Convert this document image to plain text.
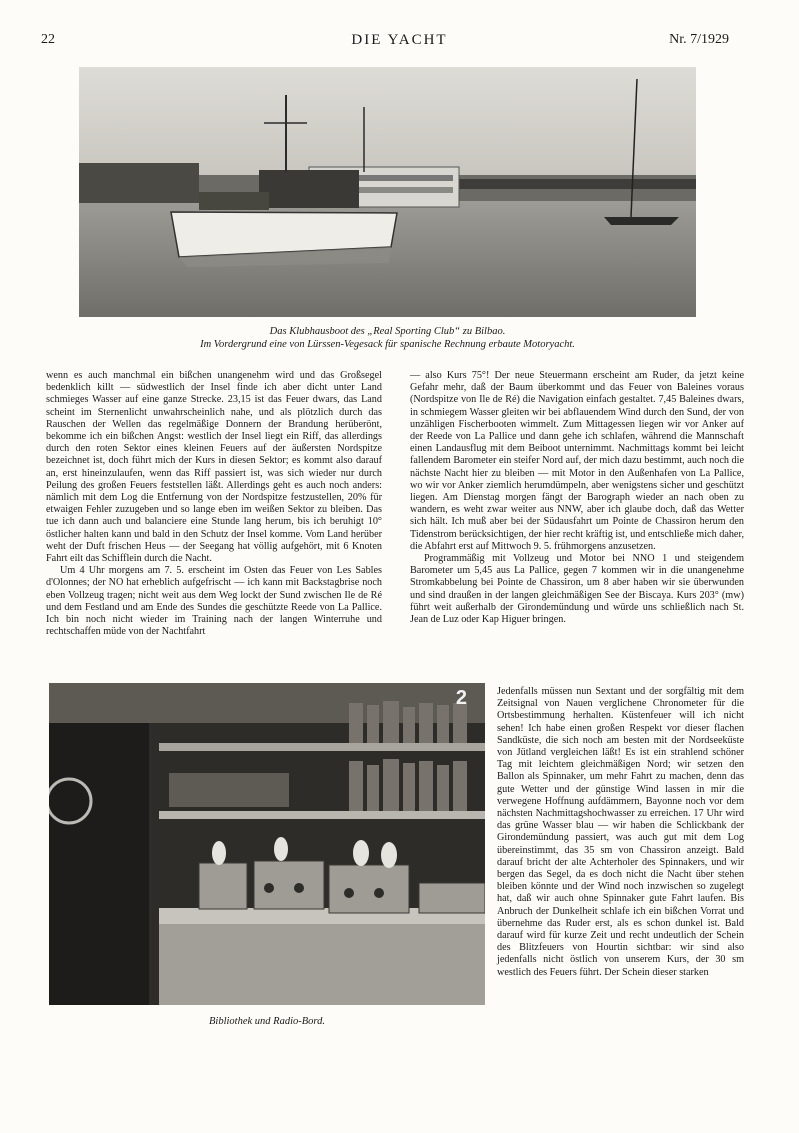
22	DIE YACHT	Nr. 7/1929
Das Klubhausboot des „Real Sporting Club“ zu Bilbao.
Im Vordergrund eine von Lürssen-Vegesack für spanische Rechnung erbaute Motoryacht.

wenn es auch manchmal ein bißchen unangenehm wird und das Großsegel bedenklich killt — südwestlich der Insel finde ich aber dicht unter Land schmieges Wasser auf eine ganze Strecke. 23,15 ist das Feuer dwars, das Land scheint im Sternenlicht unwahrscheinlich nahe, und als plötzlich durch das Rauschen der Wellen das regelmäßige Donnern der Brandung herüberönt, bekomme ich ein bißchen Angst: westlich der Insel liegt ein Riff, das allerdings durch den roten Sektor eines kleinen Feuers auf der äußersten Nordspitze bezeichnet ist, doch führt mich der Kurs in diesen Sektor; es kommt also darauf an, erst hineinzulaufen, wenn das Riff passiert ist, was sich wieder nur durch Peilung des großen Feuers feststellen läßt. Allerdings geht es auch noch anders: nämlich mit dem Log die Entfernung von der Nordspitze festzustellen, 20% für etwaigen Fehler zuzugeben und so lange eben im weißen Sektor zu bleiben. Das tue ich dann auch und balanciere eine Stunde lang herum, bis ich beruhigt 10° östlicher halten kann und bald in den Schutz der Insel komme. Vom Land herüber weht der Duft frischen Heus — der Seegang hat völlig aufgehört, mit 6 Knoten Fahrt eilt das Schifflein durch die Nacht.

Um 4 Uhr morgens am 7. 5. erscheint im Osten das Feuer von Les Sables d'Olonnes; der NO hat erheblich aufgefrischt — ich kann mit Backstagbrise noch eben Vollzeug tragen; nicht weit aus dem Weg lockt der Sund zwischen Ile de Ré und dem Festland und am Ende des Sundes die geschützte Reede von La Pallice. Ich bin noch nicht wieder im Training nach der langen Winterruhe und rechtschaffen müde von der Nachtfahrt

— also Kurs 75°! Der neue Steuermann erscheint am Ruder, da jetzt keine Gefahr mehr, daß der Baum überkommt und das Feuer von Baleines voraus (Nordspitze von Ile de Ré) die Navigation einfach gestaltet. 7,45 Baleines dwars, in schmiegem Wasser gleiten wir bei abflauendem Wind durch den Sund, der von unzähligen Fischerbooten wimmelt. Zum Mittagessen liegen wir vor Anker auf der Reede von La Pallice und dann gehe ich schlafen, während die Mannschaft einen Landausflug mit dem Beiboot unternimmt. Nachmittags kommt bei leicht fallendem Barometer ein steifer Nord auf, der mich dazu bestimmt, auch noch die nächste Nacht hier zu bleiben — mit Motor in den Außenhafen von La Pallice, wo wir vor Anker ziemlich herumdümpeln, aber wenigstens sicher und geschützt liegen. Am Dienstag morgen fängt der Barograph wieder an nach oben zu wandern, es weht zwar weiter aus NNW, aber ich glaube doch, daß das Wetter sich hält. Ich muß aber bei der Südausfahrt um Pointe de Chassiron herum den Tidenstrom berücksichtigen, der hier recht kräftig ist, und entschließe mich daher, die Abfahrt erst auf Mittwoch 9. 5. frühmorgens anzusetzen.

Programmäßig mit Vollzeug und Motor bei NNO 1 und steigendem Barometer um 5,45 aus La Pallice, gegen 7 kommen wir in die unangenehme Stromkabbelung bei Pointe de Chassiron, um 8 aber haben wir sie überwunden und sind draußen in der langen gleichmäßigen See der Biscaya. Kurs 203° (mw) führt weit außerhalb der Girondemündung und würde uns schließlich nach St. Jean de Luz oder Kap Higuer bringen.

2
Bibliothek und Radio-Bord.

Jedenfalls müssen nun Sextant und der sorgfältig mit dem Zeitsignal von Nauen verglichene Chronometer für die Ortsbestimmung herhalten. Küstenfeuer will ich nicht sehen! Ich habe einen großen Respekt vor dieser flachen Sandküste, die sich noch am besten mit der Nordseeküste von Jütland vergleichen läßt! Es ist ein strahlend schöner Tag mit leichtem gleichmäßigen Nord; wir setzen den Ballon als Spinnaker, um mehr Fahrt zu machen, denn das gute Wetter und der günstige Wind lassen in mir die verwegene Hoffnung aufdämmern, Bayonne noch vor dem nächsten Nachmittagshochwasser zu erreichen. 17 Uhr wird das grüne Wasser blau — wir haben die Schlickbank der Girondemündung passiert, was auch gut mit dem Log übereinstimmt, das 35 sm von Chassiron anzeigt. Bald darauf bricht der alte Achterholer des Spinnakers, und wir bergen das Segel, da es doch nicht die Nacht über stehen bleiben könnte und der Wind noch inzwischen so zugelegt hat, daß wir auch ohne Spinnaker gute Fahrt laufen. Bis Anbruch der Dunkelheit schlafe ich ein bißchen Vorrat und übernehme das Ruder erst, als es schon dunkel ist. Bald darauf wird für kurze Zeit und recht undeutlich der Schein des Blitzfeuers von Hourtin sichtbar: wir sind also jedenfalls nicht östlich von unserem Kurs, der 30 sm westlich des Feuers führt. Der Schein dieser starken
